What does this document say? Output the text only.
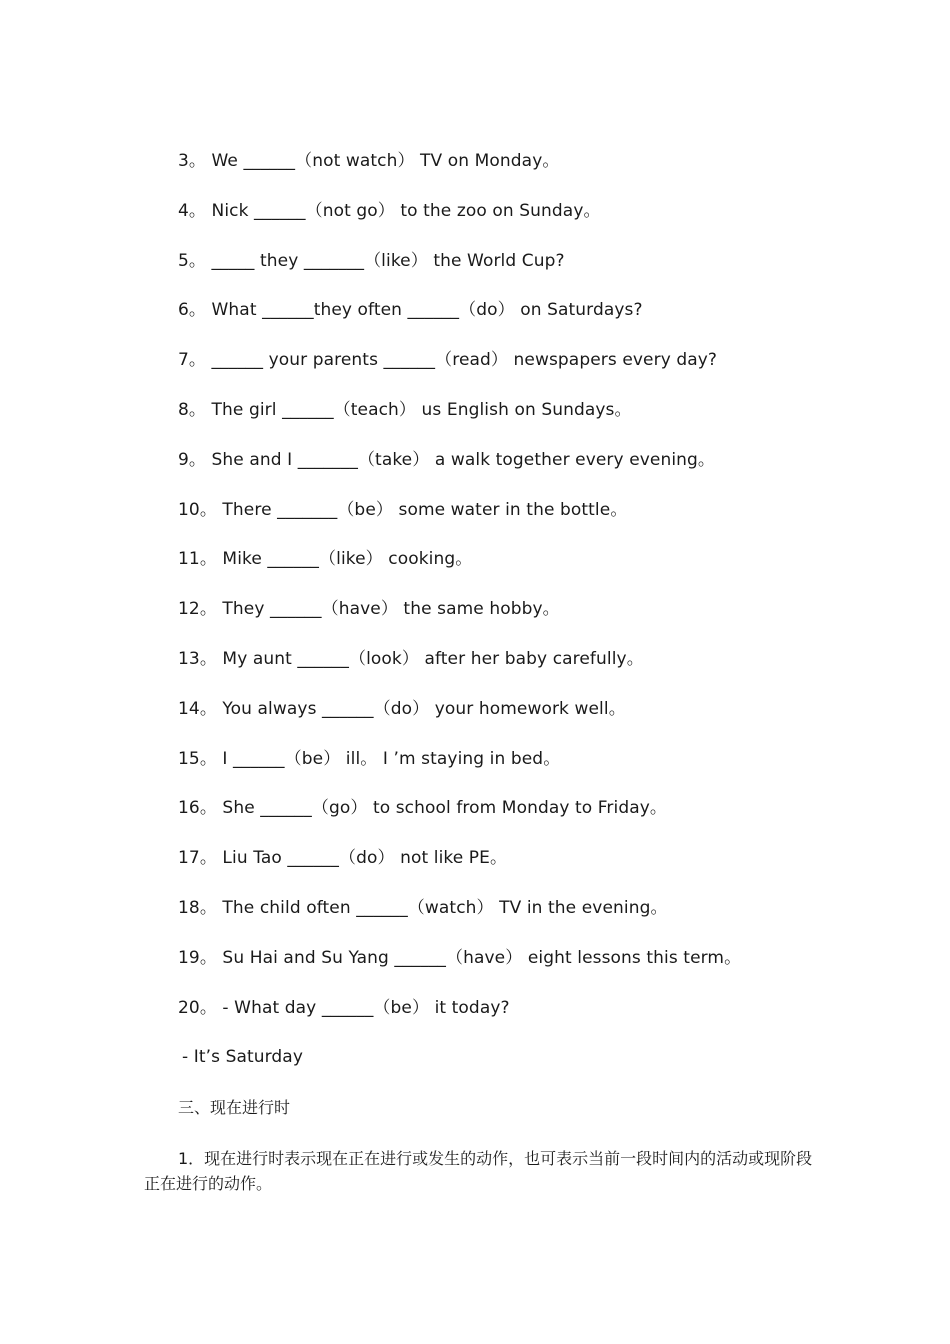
3。 We ______（not watch） TV on Monday。
4。 Nick ______（not go） to the zoo on Sunday。
5。 _____ they _______（like） the World Cup?
6。 What ______they often ______（do） on Saturdays?
7。 ______ your parents ______（read） newspapers every day?
8。 The girl ______（teach） us English on Sundays。
9。 She and I _______（take） a walk together every evening。
10。 There _______（be） some water in the bottle。
11。 Mike ______（like） cooking。
12。 They ______（have） the same hobby。
13。 My aunt ______（look） after her baby carefully。
14。 You always ______（do） your homework well。
15。 I ______（be） ill。 I ’m staying in bed。
16。 She ______（go） to school from Monday to Friday。
17。 Liu Tao ______（do） not like PE。
18。 The child often ______（watch） TV in the evening。
19。 Su Hai and Su Yang ______（have） eight lessons this term。
20。 - What day ______（be） it today?
- It’s Saturday
三、现在进行时
1．现在进行时表示现在正在进行或发生的动作，也可表示当前一段时间内的活动或现阶段正在进行的动作。
